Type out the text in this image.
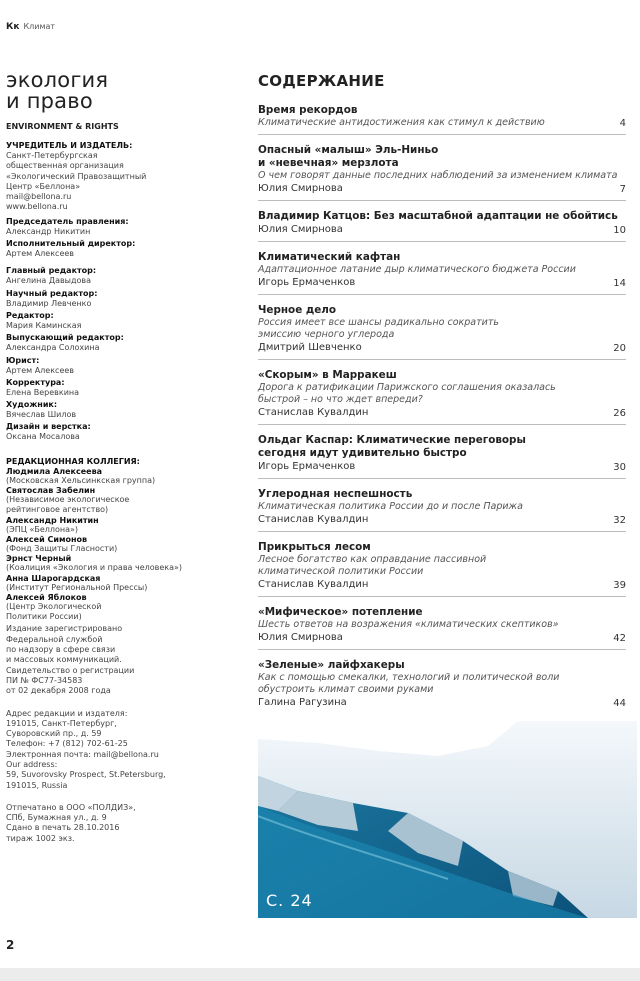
Кк Климат
экология
и право
ENVIRONMENT & RIGHTS
УЧРЕДИТЕЛЬ И ИЗДАТЕЛЬ:
Санкт-Петербургская
общественная организация
«Экологический Правозащитный
Центр «Беллона»
mail@bellona.ru
www.bellona.ru
Председатель правления:
Александр Никитин
Исполнительный директор:
Артем Алексеев
Главный редактор:
Ангелина Давыдова
Научный редактор:
Владимир Левченко
Редактор:
Мария Каминская
Выпускающий редактор:
Александра Солохина
Юрист:
Артем Алексеев
Корректура:
Елена Веревкина
Художник:
Вячеслав Шилов
Дизайн и верстка:
Оксана Мосалова
РЕДАКЦИОННАЯ КОЛЛЕГИЯ:
Людмила Алексеева
(Московская Хельсинкская группа)
Святослав Забелин
(Независимое экологическое
рейтинговое агентство)
Александр Никитин
(ЭПЦ «Беллона»)
Алексей Симонов
(Фонд Защиты Гласности)
Эрнст Черный
(Коалиция «Экология и права человека»)
Анна Шарогардская
(Институт Региональной Прессы)
Алексей Яблоков
(Центр Экологической
Политики России)
Издание зарегистрировано
Федеральной службой
по надзору в сфере связи
и массовых коммуникаций.
Свидетельство о регистрации
ПИ № ФС77-34583
от 02 декабря 2008 года
Адрес редакции и издателя:
191015, Санкт-Петербург,
Суворовский пр., д. 59
Телефон: +7 (812) 702-61-25
Электронная почта: mail@bellona.ru
Our address:
59, Suvorovsky Prospect, St.Petersburg,
191015, Russia
Отпечатано в ООО «ПОЛДИЗ»,
СПб, Бумажная ул., д. 9
Сдано в печать 28.10.2016
тираж 1002 экз.
СОДЕРЖАНИЕ
Время рекордов
Климатические антидостижения как стимул к действию	4
Опасный «малыш» Эль-Ниньо
и «невечная» мерзлота
О чем говорят данные последних наблюдений за изменением климата
Юлия Смирнова	7
Владимир Катцов: Без масштабной адаптации не обойтись
Юлия Смирнова	10
Климатический кафтан
Адаптационное латание дыр климатического бюджета России
Игорь Ермаченков	14
Черное дело
Россия имеет все шансы радикально сократить
эмиссию черного углерода
Дмитрий Шевченко	20
«Скорым» в Марракеш
Дорога к ратификации Парижского соглашения оказалась
быстрой – но что ждет впереди?
Станислав Кувалдин	26
Ольдаг Каспар: Климатические переговоры
сегодня идут удивительно быстро
Игорь Ермаченков	30
Углеродная неспешность
Климатическая политика России до и после Парижа
Станислав Кувалдин	32
Прикрыться лесом
Лесное богатство как оправдание пассивной
климатической политики России
Станислав Кувалдин	39
«Мифическое» потепление
Шесть ответов на возражения «климатических скептиков»
Юлия Смирнова	42
«Зеленые» лайфхакеры
Как с помощью смекалки, технологий и политической воли
обустроить климат своими руками
Галина Рагузина	44
С. 24
2
